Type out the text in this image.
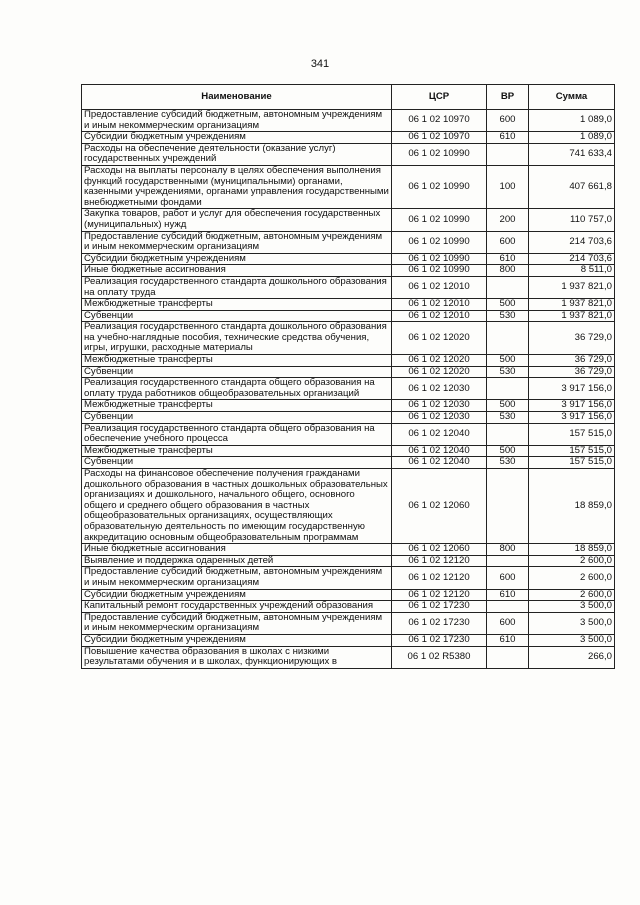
341
Наименование	ЦСР	ВР	Сумма
Предоставление субсидий бюджетным, автономным учреждениям и иным некоммерческим организациям	06 1 02 10970	600	1 089,0
Субсидии бюджетным учреждениям	06 1 02 10970	610	1 089,0
Расходы на обеспечение деятельности (оказание услуг) государственных учреждений	06 1 02 10990		741 633,4
Расходы на выплаты персоналу в целях обеспечения выполнения функций государственными (муниципальными) органами, казенными учреждениями, органами управления государственными внебюджетными фондами	06 1 02 10990	100	407 661,8
Закупка товаров, работ и услуг для обеспечения государственных (муниципальных) нужд	06 1 02 10990	200	110 757,0
Предоставление субсидий бюджетным, автономным учреждениям и иным некоммерческим организациям	06 1 02 10990	600	214 703,6
Субсидии бюджетным учреждениям	06 1 02 10990	610	214 703,6
Иные бюджетные ассигнования	06 1 02 10990	800	8 511,0
Реализация государственного стандарта дошкольного образования на оплату труда	06 1 02 12010		1 937 821,0
Межбюджетные трансферты	06 1 02 12010	500	1 937 821,0
Субвенции	06 1 02 12010	530	1 937 821,0
Реализация государственного стандарта дошкольного образования на учебно-наглядные пособия, технические средства обучения, игры, игрушки, расходные материалы	06 1 02 12020		36 729,0
Межбюджетные трансферты	06 1 02 12020	500	36 729,0
Субвенции	06 1 02 12020	530	36 729,0
Реализация государственного стандарта общего образования на оплату труда работников общеобразовательных организаций	06 1 02 12030		3 917 156,0
Межбюджетные трансферты	06 1 02 12030	500	3 917 156,0
Субвенции	06 1 02 12030	530	3 917 156,0
Реализация государственного стандарта общего образования на обеспечение учебного процесса	06 1 02 12040		157 515,0
Межбюджетные трансферты	06 1 02 12040	500	157 515,0
Субвенции	06 1 02 12040	530	157 515,0
Расходы на финансовое обеспечение получения гражданами дошкольного образования в частных дошкольных образовательных организациях и дошкольного, начального общего, основного общего и среднего общего образования в частных общеобразовательных организациях, осуществляющих образовательную деятельность по имеющим государственную аккредитацию основным общеобразовательным программам	06 1 02 12060		18 859,0
Иные бюджетные ассигнования	06 1 02 12060	800	18 859,0
Выявление и поддержка одаренных детей	06 1 02 12120		2 600,0
Предоставление субсидий бюджетным, автономным учреждениям и иным некоммерческим организациям	06 1 02 12120	600	2 600,0
Субсидии бюджетным учреждениям	06 1 02 12120	610	2 600,0
Капитальный ремонт государственных учреждений образования	06 1 02 17230		3 500,0
Предоставление субсидий бюджетным, автономным учреждениям и иным некоммерческим организациям	06 1 02 17230	600	3 500,0
Субсидии бюджетным учреждениям	06 1 02 17230	610	3 500,0
Повышение качества образования в школах с низкими результатами обучения и в школах, функционирующих в	06 1 02 R5380		266,0
